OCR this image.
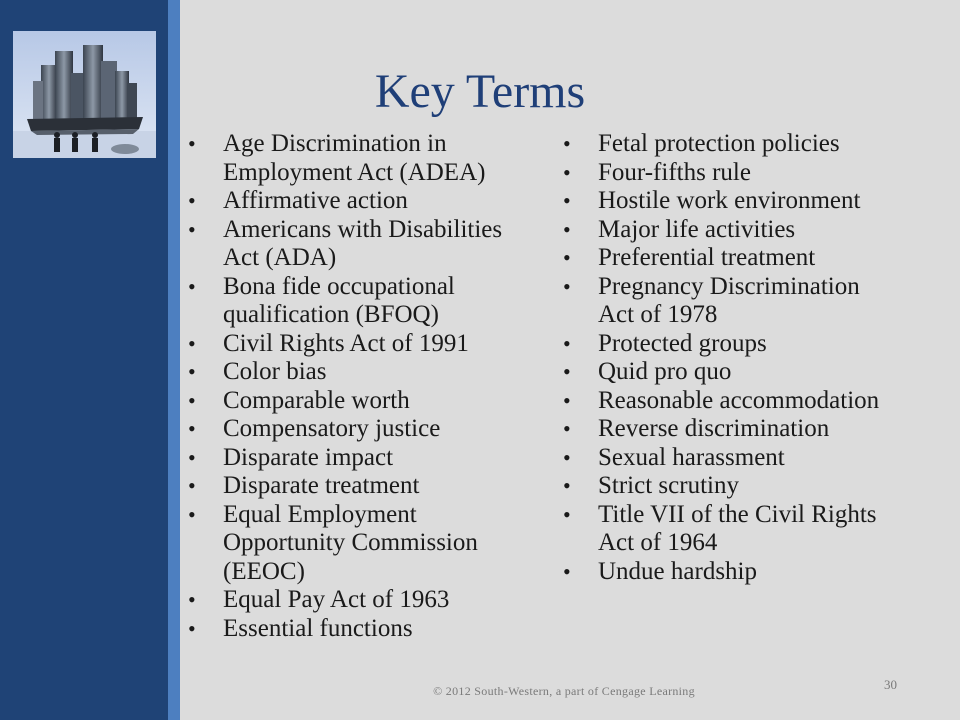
Key Terms
• Age Discrimination in Employment Act (ADEA)
• Affirmative action
• Americans with Disabilities Act (ADA)
• Bona fide occupational qualification (BFOQ)
• Civil Rights Act of 1991
• Color bias
• Comparable worth
• Compensatory justice
• Disparate impact
• Disparate treatment
• Equal Employment Opportunity Commission (EEOC)
• Equal Pay Act of 1963
• Essential functions
• Fetal protection policies
• Four-fifths rule
• Hostile work environment
• Major life activities
• Preferential treatment
• Pregnancy Discrimination Act of 1978
• Protected groups
• Quid pro quo
• Reasonable accommodation
• Reverse discrimination
• Sexual harassment
• Strict scrutiny
• Title VII of the Civil Rights Act of 1964
• Undue hardship
© 2012 South-Western, a part of Cengage Learning	30
